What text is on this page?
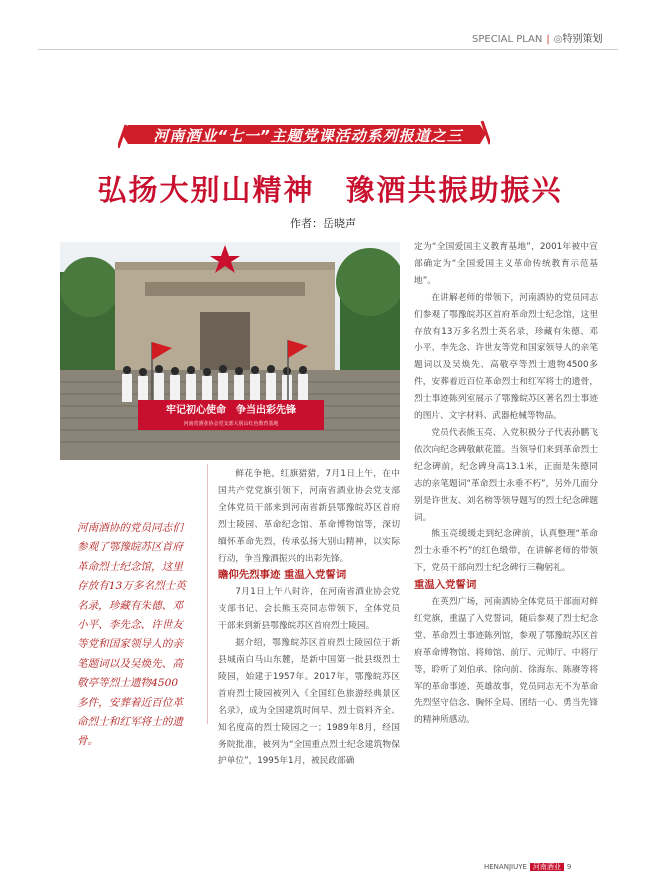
SPECIAL PLAN | ◎特别策划
河南酒业“七一”主题党课活动系列报道之三
弘扬大别山精神　豫酒共振助振兴
作者：岳晓声
牢记初心使命　争当出彩先锋
河南省酒业协会党支部大别山红色教育基地
河南酒协的党员同志们参观了鄂豫皖苏区首府革命烈士纪念馆，这里存放有13万多名烈士英名录，珍藏有朱德、邓小平、李先念、许世友等党和国家领导人的亲笔题词以及吴焕先、高敬亭等烈士遗物4500多件，安葬着近百位革命烈士和红军将士的遗骨。

鲜花争艳，红旗猎猎，7月1日上午，在中国共产党党旗引领下，河南省酒业协会党支部全体党员干部来到河南省新县鄂豫皖苏区首府烈士陵园、革命纪念馆、革命博物馆等，深切缅怀革命先烈，传承弘扬大别山精神，以实际行动，争当豫酒振兴的出彩先锋。

瞻仰先烈事迹 重温入党誓词

7月1日上午八时许，在河南省酒业协会党支部书记、会长熊玉亮同志带领下，全体党员干部来到新县鄂豫皖苏区首府烈士陵园。

据介绍，鄂豫皖苏区首府烈士陵园位于新县城南白马山东麓，是新中国第一批县级烈士陵园，始建于1957年。2017年，鄂豫皖苏区首府烈士陵园被列入《全国红色旅游经典景区名录》，成为全国建筑时间早、烈士资料齐全、知名度高的烈士陵园之一；1989年8月，经国务院批准，被列为“全国重点烈士纪念建筑物保护单位”，1995年1月，被民政部确

定为“全国爱国主义教育基地”，2001年被中宣部确定为“全国爱国主义革命传统教育示范基地”。

在讲解老师的带领下，河南酒协的党员同志们参观了鄂豫皖苏区首府革命烈士纪念馆，这里存放有13万多名烈士英名录，珍藏有朱德、邓小平、李先念、许世友等党和国家领导人的亲笔题词以及吴焕先、高敬亭等烈士遗物4500多件，安葬着近百位革命烈士和红军将士的遗骨，烈士事迹陈列室展示了鄂豫皖苏区著名烈士事迹的图片、文字材料、武器枪械等物品。

党员代表熊玉亮、入党积极分子代表孙鹏飞依次向纪念碑敬献花篮。当领导们来到革命烈士纪念碑前，纪念碑身高13.1米，正面是朱德同志的亲笔题词“革命烈士永垂不朽”，另外几面分别是许世友、刘名榜等领导题写的烈士纪念碑题词。

熊玉亮缓缓走到纪念碑前，认真整理“革命烈士永垂不朽”的红色缎带，在讲解老师的带领下，党员干部向烈士纪念碑行三鞠躬礼。

重温入党誓词

在英烈广场，河南酒协全体党员干部面对鲜红党旗，重温了入党誓词，随后参观了烈士纪念堂、革命烈士事迹陈列馆，参观了鄂豫皖苏区首府革命博物馆、将帅馆、前厅、元帅厅、中将厅等，聆听了刘伯承、徐向前、徐海东、陈赓等将军的革命事迹、英雄故事，党员同志无不为革命先烈坚守信念、胸怀全局、团结一心、勇当先锋的精神所感动。

HENANJIUYE 河南酒业 9
